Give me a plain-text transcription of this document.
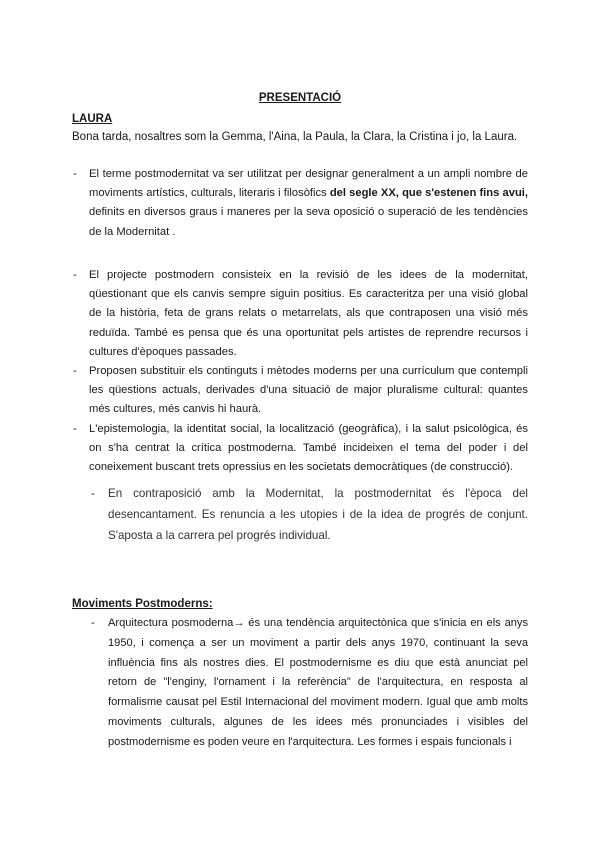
PRESENTACIÓ
LAURA
Bona tarda, nosaltres som la Gemma, l'Aina, la Paula, la Clara, la Cristina i jo, la Laura.
- El terme postmodernitat va ser utilitzat per designar generalment a un ampli nombre de moviments artístics, culturals, literaris i filosòfics del segle XX, que s'estenen fins avui, definits en diversos graus i maneres per la seva oposició o superació de les tendències de la Modernitat .
- El projecte postmodern consisteix en la revisió de les idees de la modernitat, qüestionant que els canvis sempre siguin positius. Es caracteritza per una visió global de la història, feta de grans relats o metarrelats, als que contraposen una visió més reduïda. També es pensa que és una oportunitat pels artistes de reprendre recursos i cultures d'èpoques passades.
- Proposen substituir els continguts i mètodes moderns per una currículum que contempli les qüestions actuals, derivades d'una situació de major pluralisme cultural: quantes més cultures, més canvis hi haurà.
- L'epistemologia, la identitat social, la localització (geogràfica), i la salut psicològica, és on s'ha centrat la crítica postmoderna. També incideixen el tema del poder i del coneixement buscant trets opressius en les societats democràtiques (de construcció).
- En contraposició amb la Modernitat, la postmodernitat és l'època del desencantament. Es renuncia a les utopies i de la idea de progrés de conjunt. S'aposta a la carrera pel progrés individual.
Moviments Postmoderns:
- Arquitectura posmoderna→ és una tendència arquitectònica que s'inicia en els anys 1950, i comença a ser un moviment a partir dels anys 1970, continuant la seva influència fins als nostres dies. El postmodernisme es diu que està anunciat pel retorn de "l'enginy, l'ornament i la referència" de l'arquitectura, en resposta al formalisme causat pel Estil Internacional del moviment modern. Igual que amb molts moviments culturals, algunes de les idees més pronunciades i visibles del postmodernisme es poden veure en l'arquitectura. Les formes i espais funcionals i
